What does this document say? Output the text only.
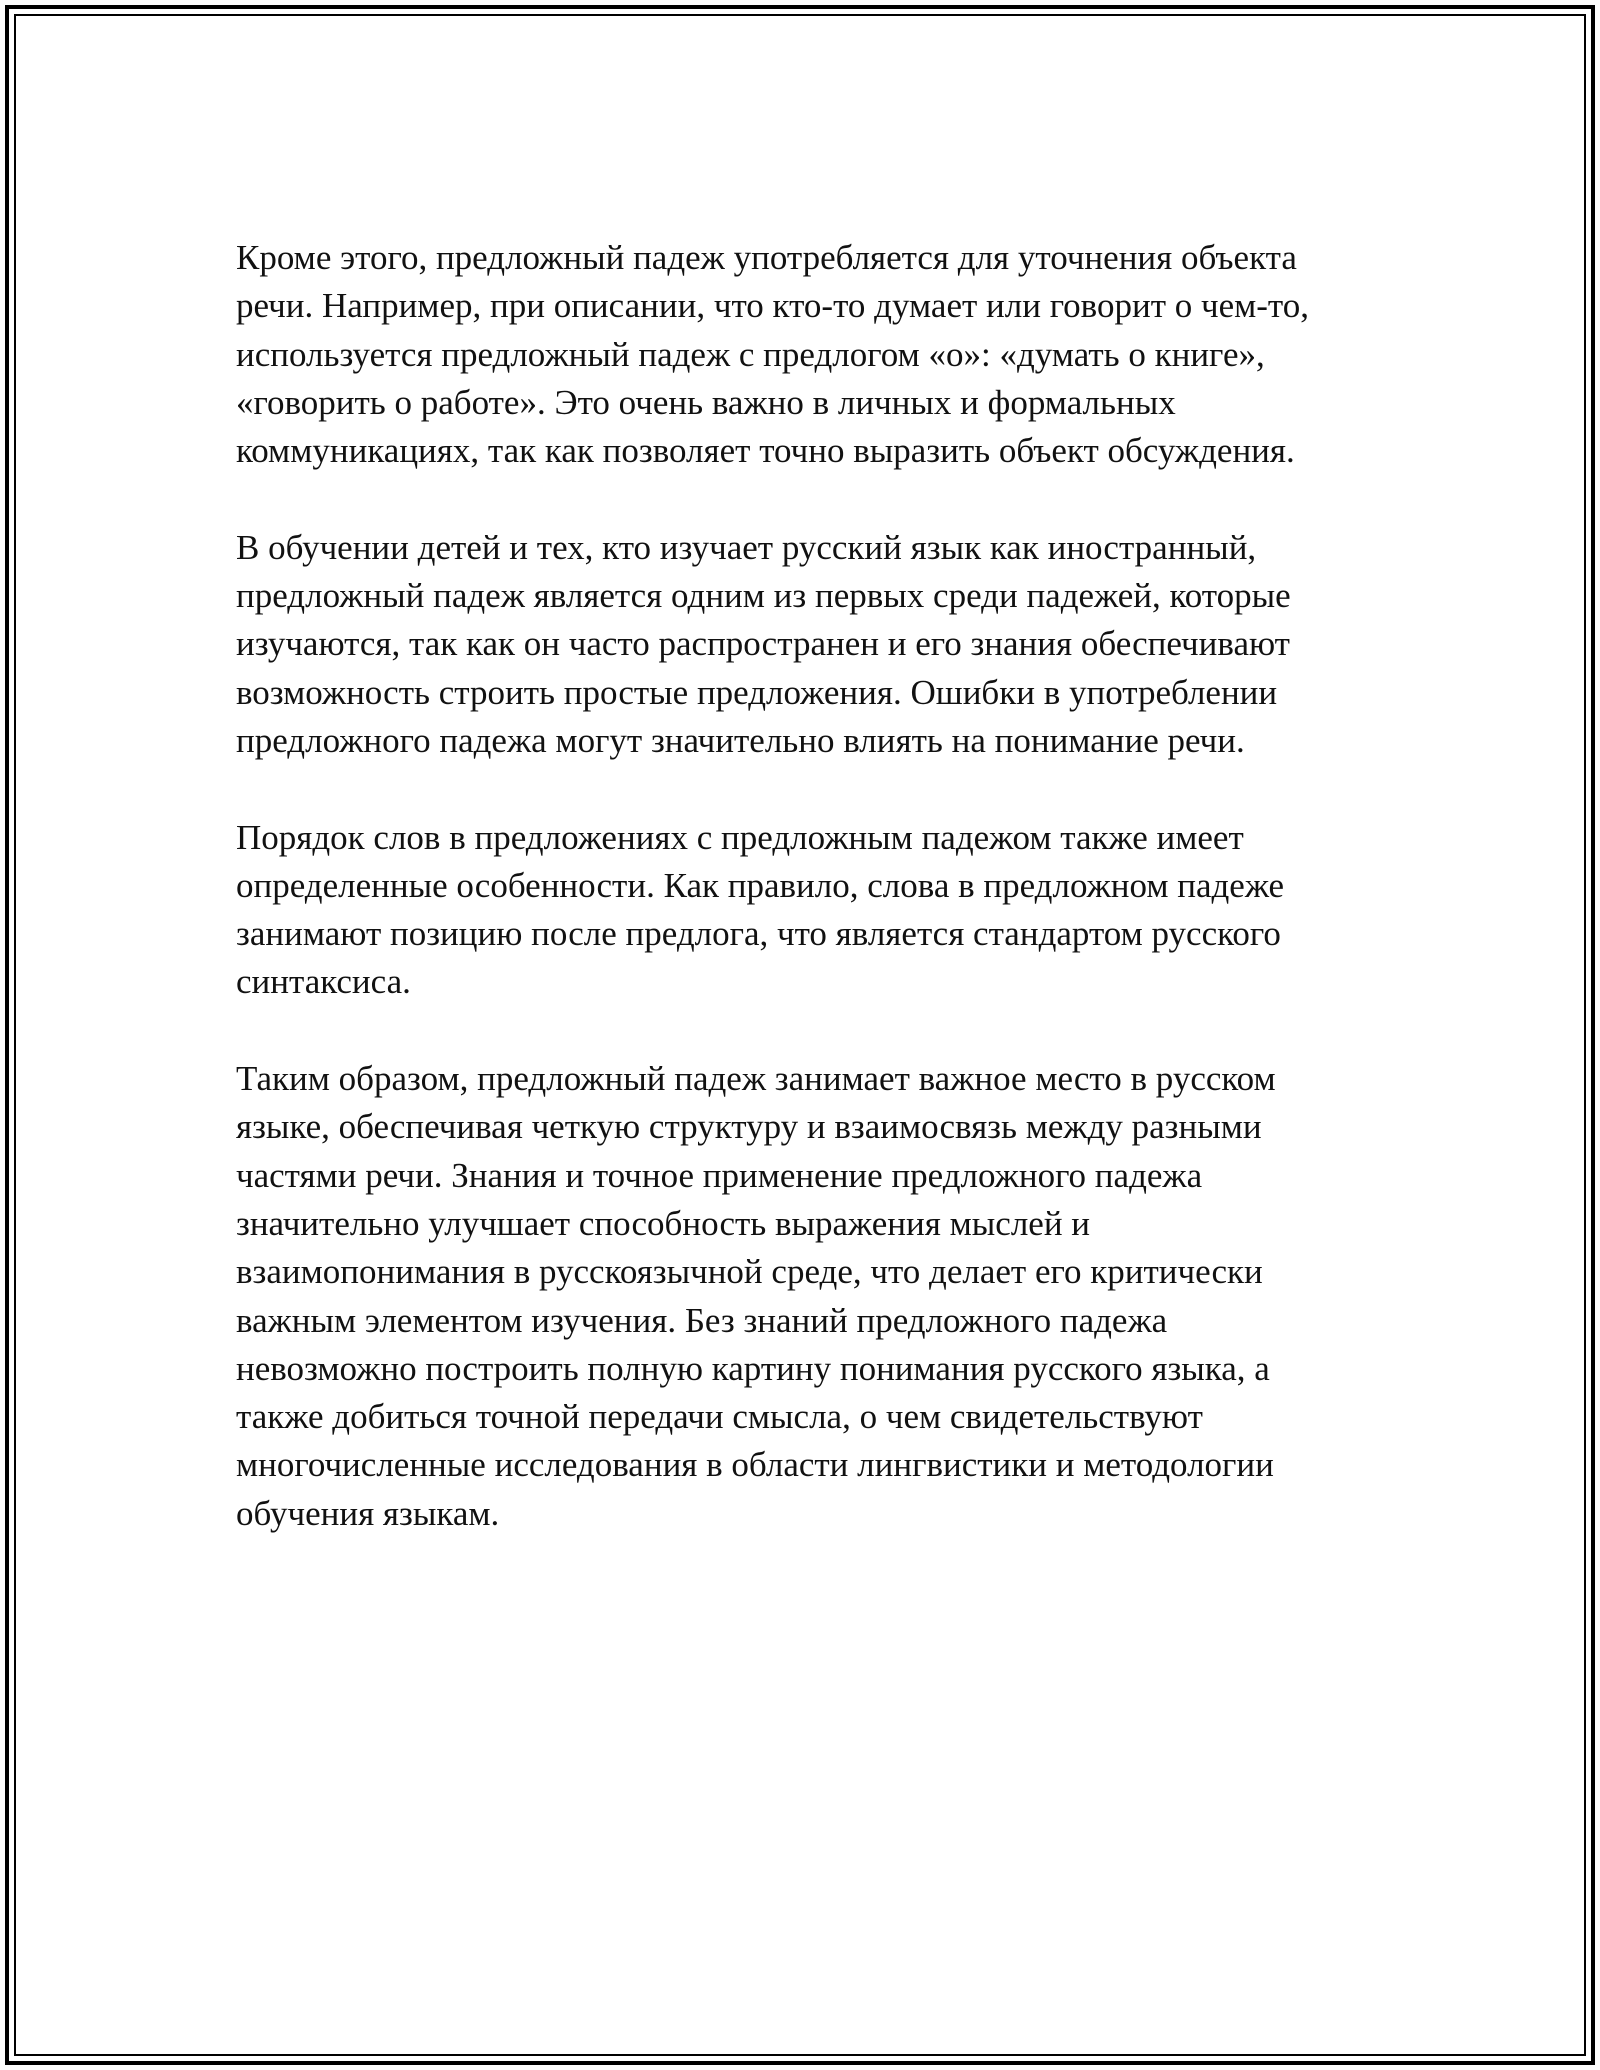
Кроме этого, предложный падеж употребляется для уточнения объекта
речи. Например, при описании, что кто-то думает или говорит о чем-то,
используется предложный падеж с предлогом «о»: «думать о книге»,
«говорить о работе». Это очень важно в личных и формальных
коммуникациях, так как позволяет точно выразить объект обсуждения.

В обучении детей и тех, кто изучает русский язык как иностранный,
предложный падеж является одним из первых среди падежей, которые
изучаются, так как он часто распространен и его знания обеспечивают
возможность строить простые предложения. Ошибки в употреблении
предложного падежа могут значительно влиять на понимание речи.

Порядок слов в предложениях с предложным падежом также имеет
определенные особенности. Как правило, слова в предложном падеже
занимают позицию после предлога, что является стандартом русского
синтаксиса.

Таким образом, предложный падеж занимает важное место в русском
языке, обеспечивая четкую структуру и взаимосвязь между разными
частями речи. Знания и точное применение предложного падежа
значительно улучшает способность выражения мыслей и
взаимопонимания в русскоязычной среде, что делает его критически
важным элементом изучения. Без знаний предложного падежа
невозможно построить полную картину понимания русского языка, а
также добиться точной передачи смысла, о чем свидетельствуют
многочисленные исследования в области лингвистики и методологии
обучения языкам.
